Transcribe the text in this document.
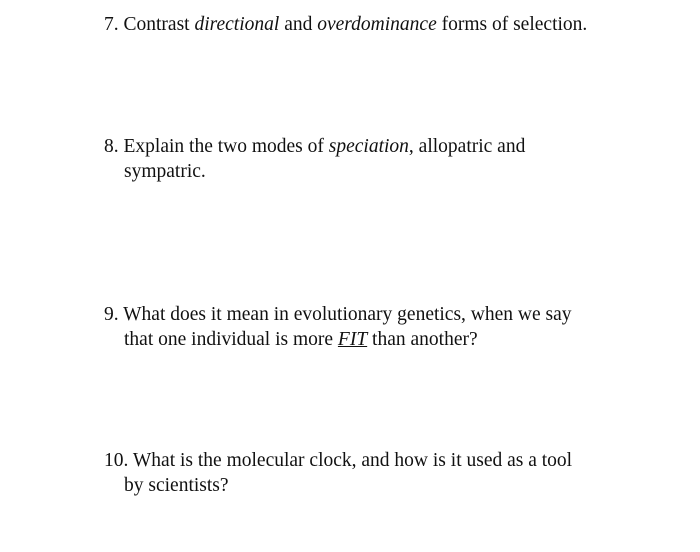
7. Contrast directional and overdominance forms of selection.
8. Explain the two modes of speciation, allopatric and
sympatric.
9. What does it mean in evolutionary genetics, when we say
that one individual is more FIT than another?
10. What is the molecular clock, and how is it used as a tool
by scientists?
